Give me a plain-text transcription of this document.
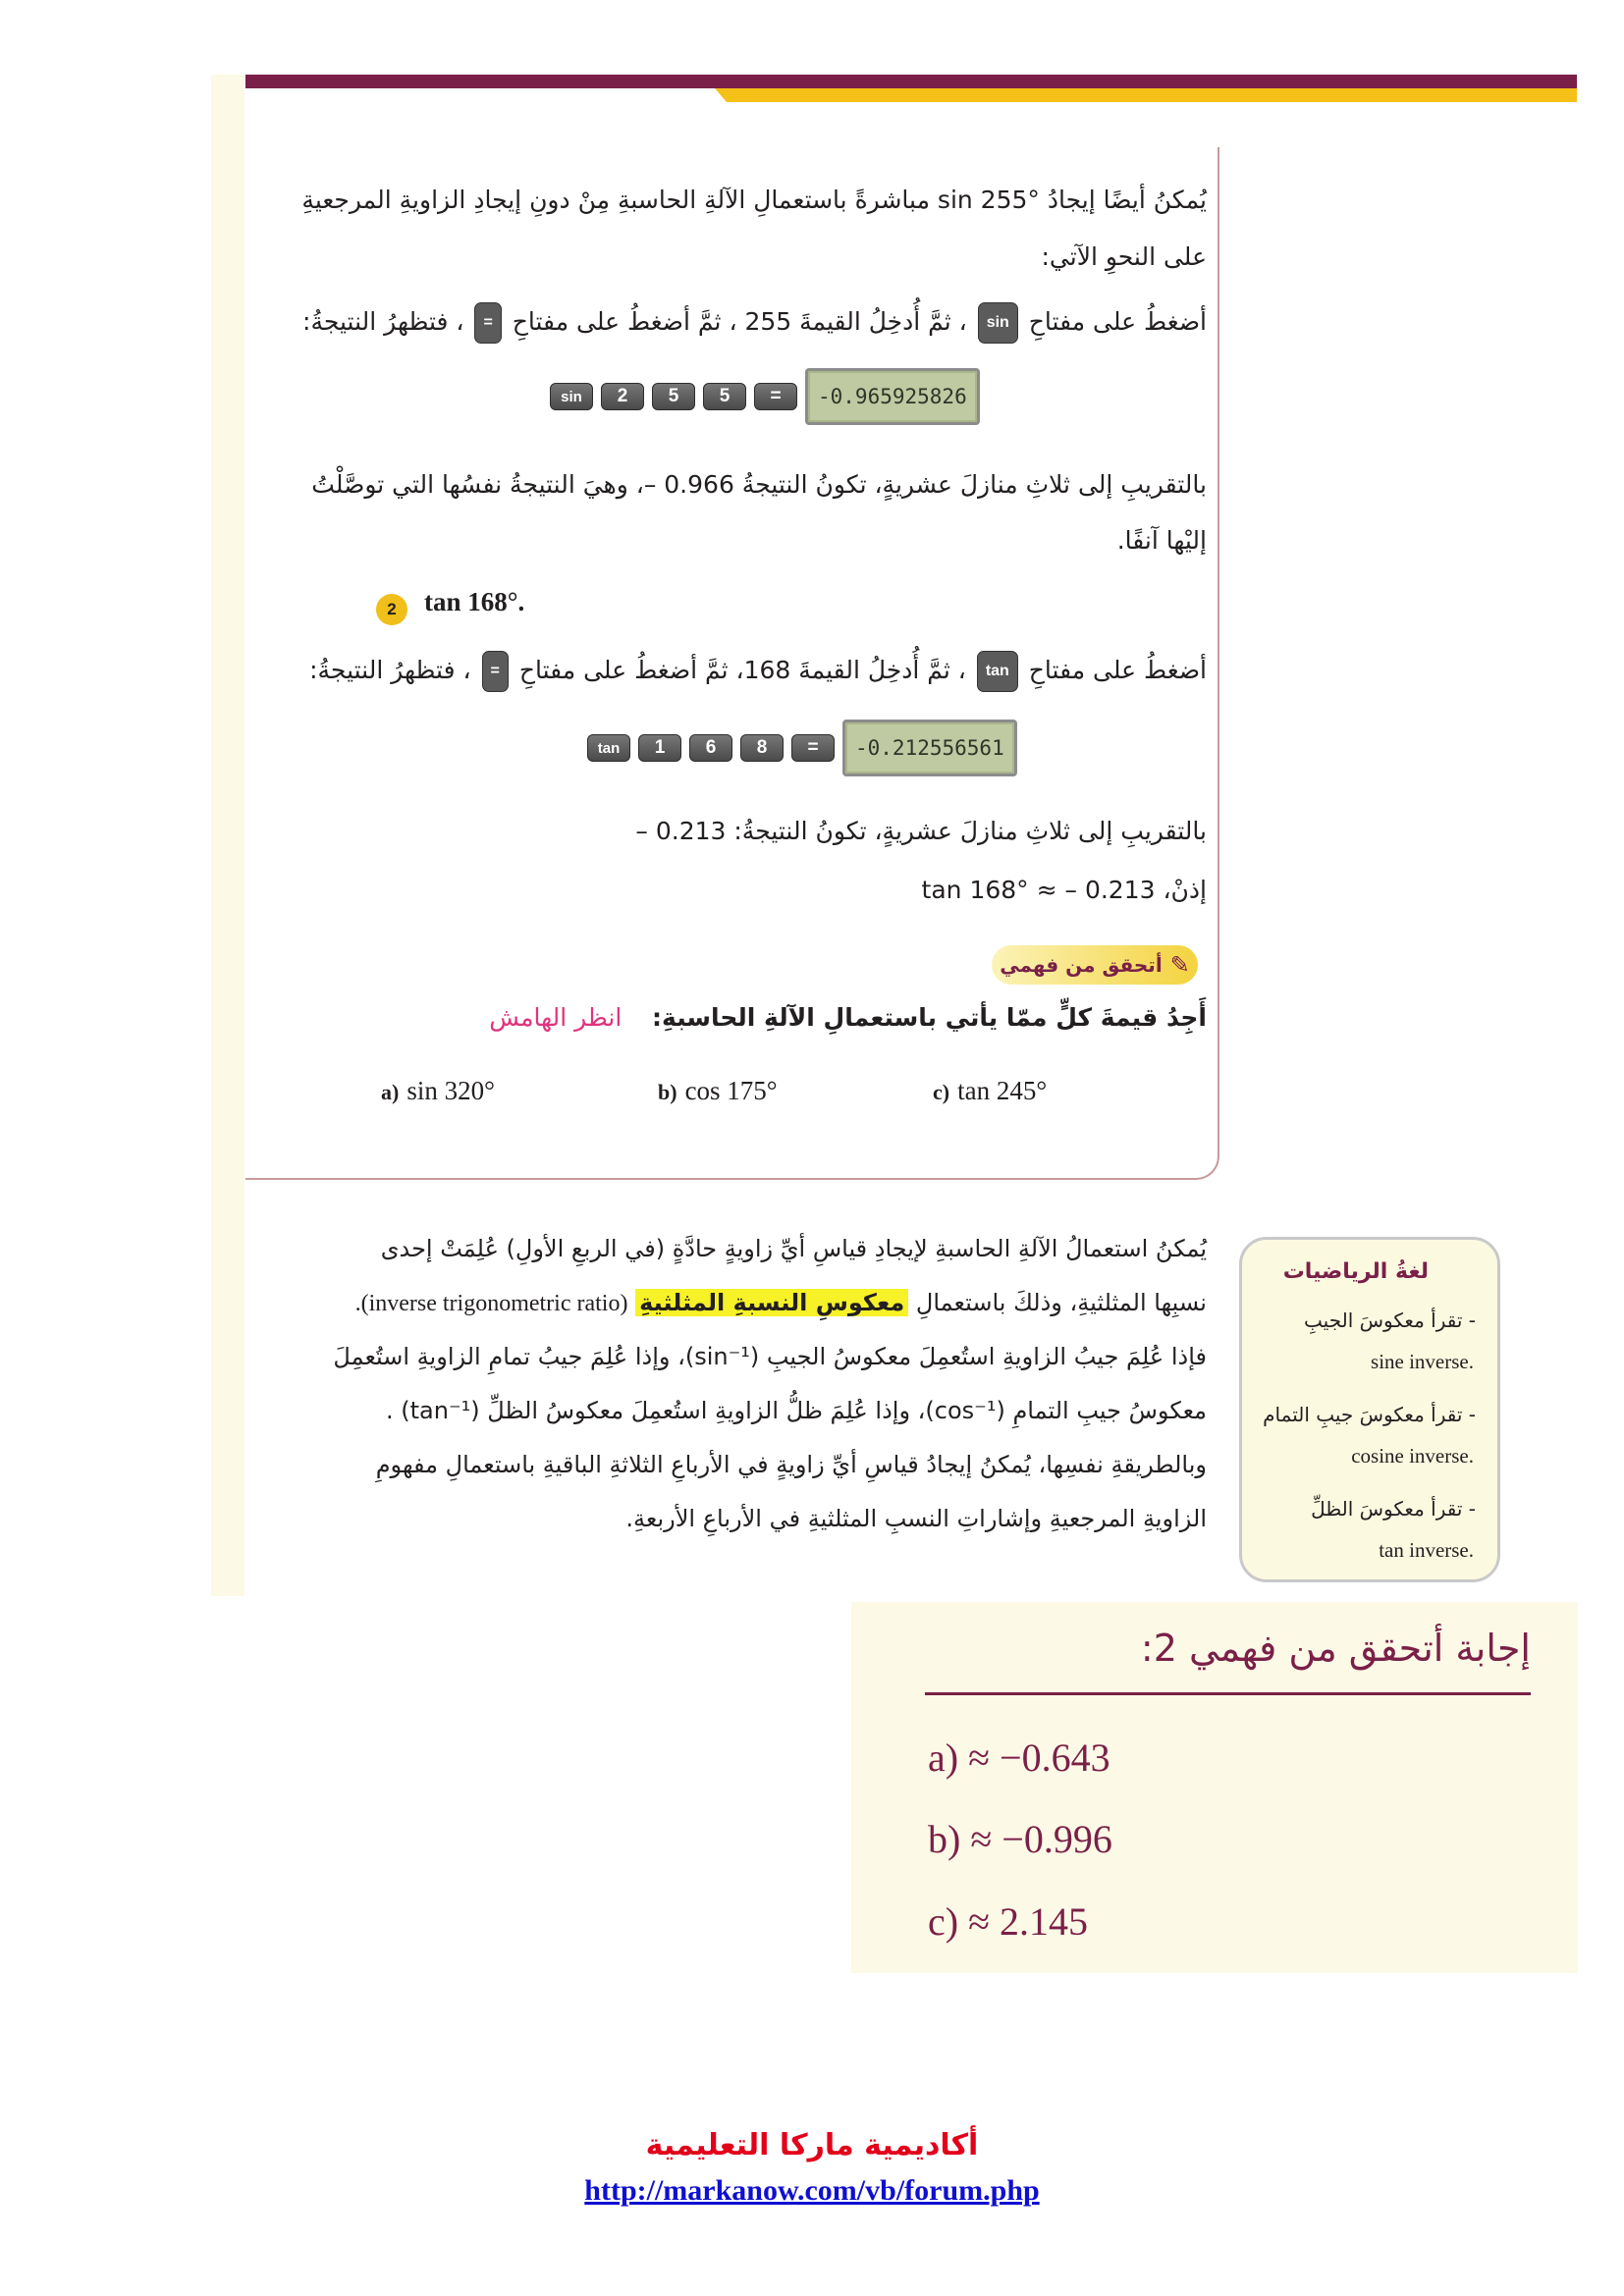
يُمكنُ أيضًا إيجادُ sin 255° مباشرةً باستعمالِ الآلةِ الحاسبةِ مِنْ دونِ إيجادِ الزاويةِ المرجعيةِ
على النحوِ الآتي:
أضغطُ على مفتاحِ sin ، ثمَّ أُدخِلُ القيمةَ 255 ، ثمَّ أضغطُ على مفتاحِ = ، فتظهرُ النتيجةُ:
sin	2	5	5	=	-0.965925826
بالتقريبِ إلى ثلاثِ منازلَ عشريةٍ، تكونُ النتيجةُ 0.966 –، وهيَ النتيجةُ نفسُها التي توصَّلْتُ
إليْها آنفًا.
2	tan 168°.
أضغطُ على مفتاحِ tan ، ثمَّ أُدخِلُ القيمةَ 168، ثمَّ أضغطُ على مفتاحِ = ، فتظهرُ النتيجةُ:
tan	1	6	8	=	-0.212556561
بالتقريبِ إلى ثلاثِ منازلَ عشريةٍ، تكونُ النتيجةُ: 0.213 –
إذنْ، tan 168° ≈ – 0.213
✎
أتحقق من فهمي
أَجِدُ قيمةَ كلٍّ ممّا يأتي باستعمالِ الآلةِ الحاسبةِ: انظر الهامش
a) sin 320°	b) cos 175°	c) tan 245°
لغةُ الرياضيات
- تقرأ معكوسَ الجيبِ
sine inverse.
- تقرأ معكوسَ جيبِ التمام
cosine inverse.
- تقرأ معكوسَ الظلِّ
tan inverse.
يُمكنُ استعمالُ الآلةِ الحاسبةِ لإيجادِ قياسِ أيِّ زاويةٍ حادَّةٍ (في الربعِ الأولِ) عُلِمَتْ إحدى
نسبِها المثلثيةِ، وذلكَ باستعمالِ معكوسِ النسبةِ المثلثيةِ (inverse trigonometric ratio).
فإذا عُلِمَ جيبُ الزاويةِ استُعمِلَ معكوسُ الجيبِ (sin⁻¹)، وإذا عُلِمَ جيبُ تمامِ الزاويةِ استُعمِلَ
معكوسُ جيبِ التمامِ (cos⁻¹)، وإذا عُلِمَ ظلُّ الزاويةِ استُعمِلَ معكوسُ الظلِّ (tan⁻¹) .
وبالطريقةِ نفسِها، يُمكنُ إيجادُ قياسِ أيِّ زاويةٍ في الأرباعِ الثلاثةِ الباقيةِ باستعمالِ مفهومِ
الزاويةِ المرجعيةِ وإشاراتِ النسبِ المثلثيةِ في الأرباعِ الأربعةِ.
إجابة أتحقق من فهمي 2:
a) ≈ −0.643
b) ≈ −0.996
c) ≈ 2.145
أكاديمية ماركا التعليمية
http://markanow.com/vb/forum.php
